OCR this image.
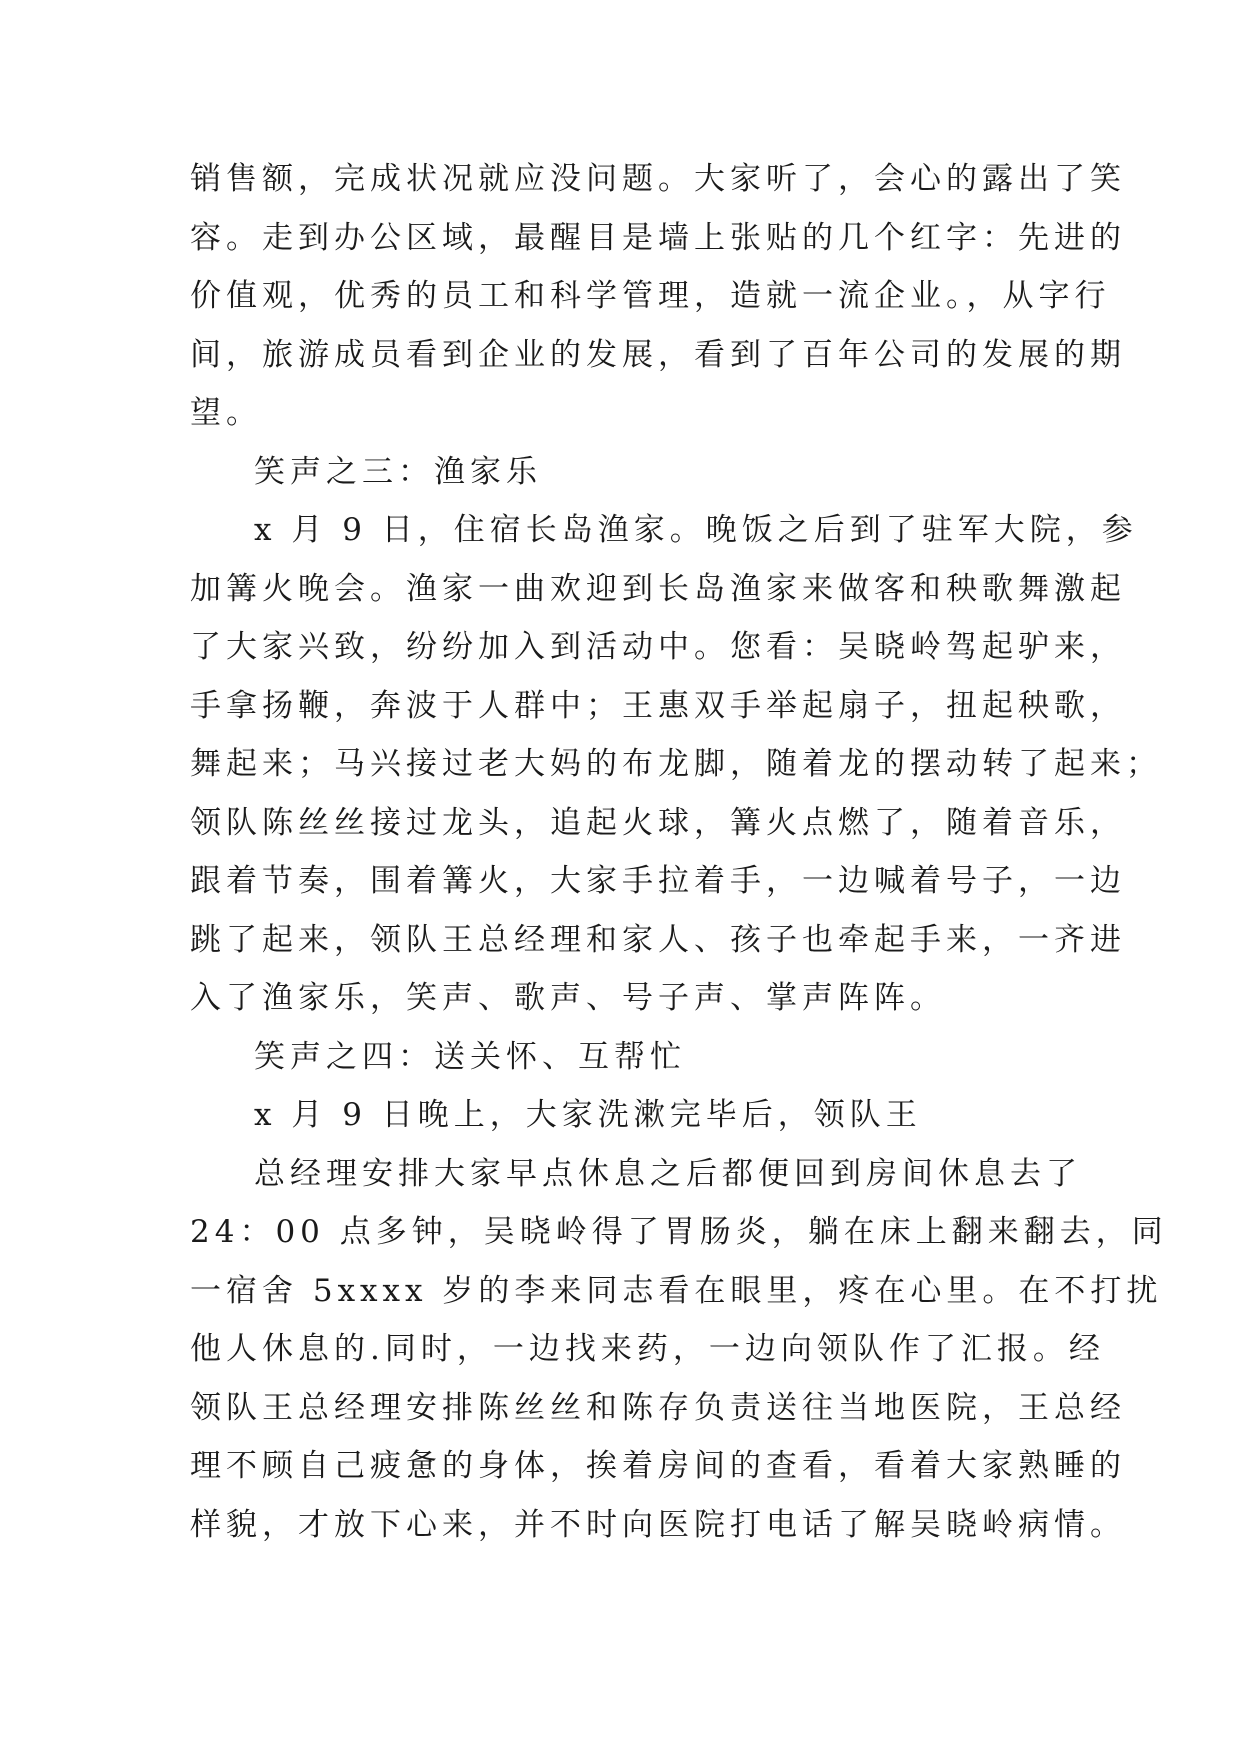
销售额，完成状况就应没问题。大家听了，会心的露出了笑
容。走到办公区域，最醒目是墙上张贴的几个红字：先进的
价值观，优秀的员工和科学管理，造就一流企业。，从字行
间，旅游成员看到企业的发展，看到了百年公司的发展的期
望。
笑声之三：渔家乐
x 月 9 日，住宿长岛渔家。晚饭之后到了驻军大院，参
加篝火晚会。渔家一曲欢迎到长岛渔家来做客和秧歌舞激起
了大家兴致，纷纷加入到活动中。您看：吴晓岭驾起驴来，
手拿扬鞭，奔波于人群中；王惠双手举起扇子，扭起秧歌，
舞起来；马兴接过老大妈的布龙脚，随着龙的摆动转了起来；
领队陈丝丝接过龙头，追起火球，篝火点燃了，随着音乐，
跟着节奏，围着篝火，大家手拉着手，一边喊着号子，一边
跳了起来，领队王总经理和家人、孩子也牵起手来，一齐进
入了渔家乐，笑声、歌声、号子声、掌声阵阵。
笑声之四：送关怀、互帮忙
x 月 9 日晚上，大家洗漱完毕后，领队王
总经理安排大家早点休息之后都便回到房间休息去了
24：00 点多钟，吴晓岭得了胃肠炎，躺在床上翻来翻去，同
一宿舍 5xxxx 岁的李来同志看在眼里，疼在心里。在不打扰
他人休息的.同时，一边找来药，一边向领队作了汇报。经
领队王总经理安排陈丝丝和陈存负责送往当地医院，王总经
理不顾自己疲惫的身体，挨着房间的查看，看着大家熟睡的
样貌，才放下心来，并不时向医院打电话了解吴晓岭病情。
